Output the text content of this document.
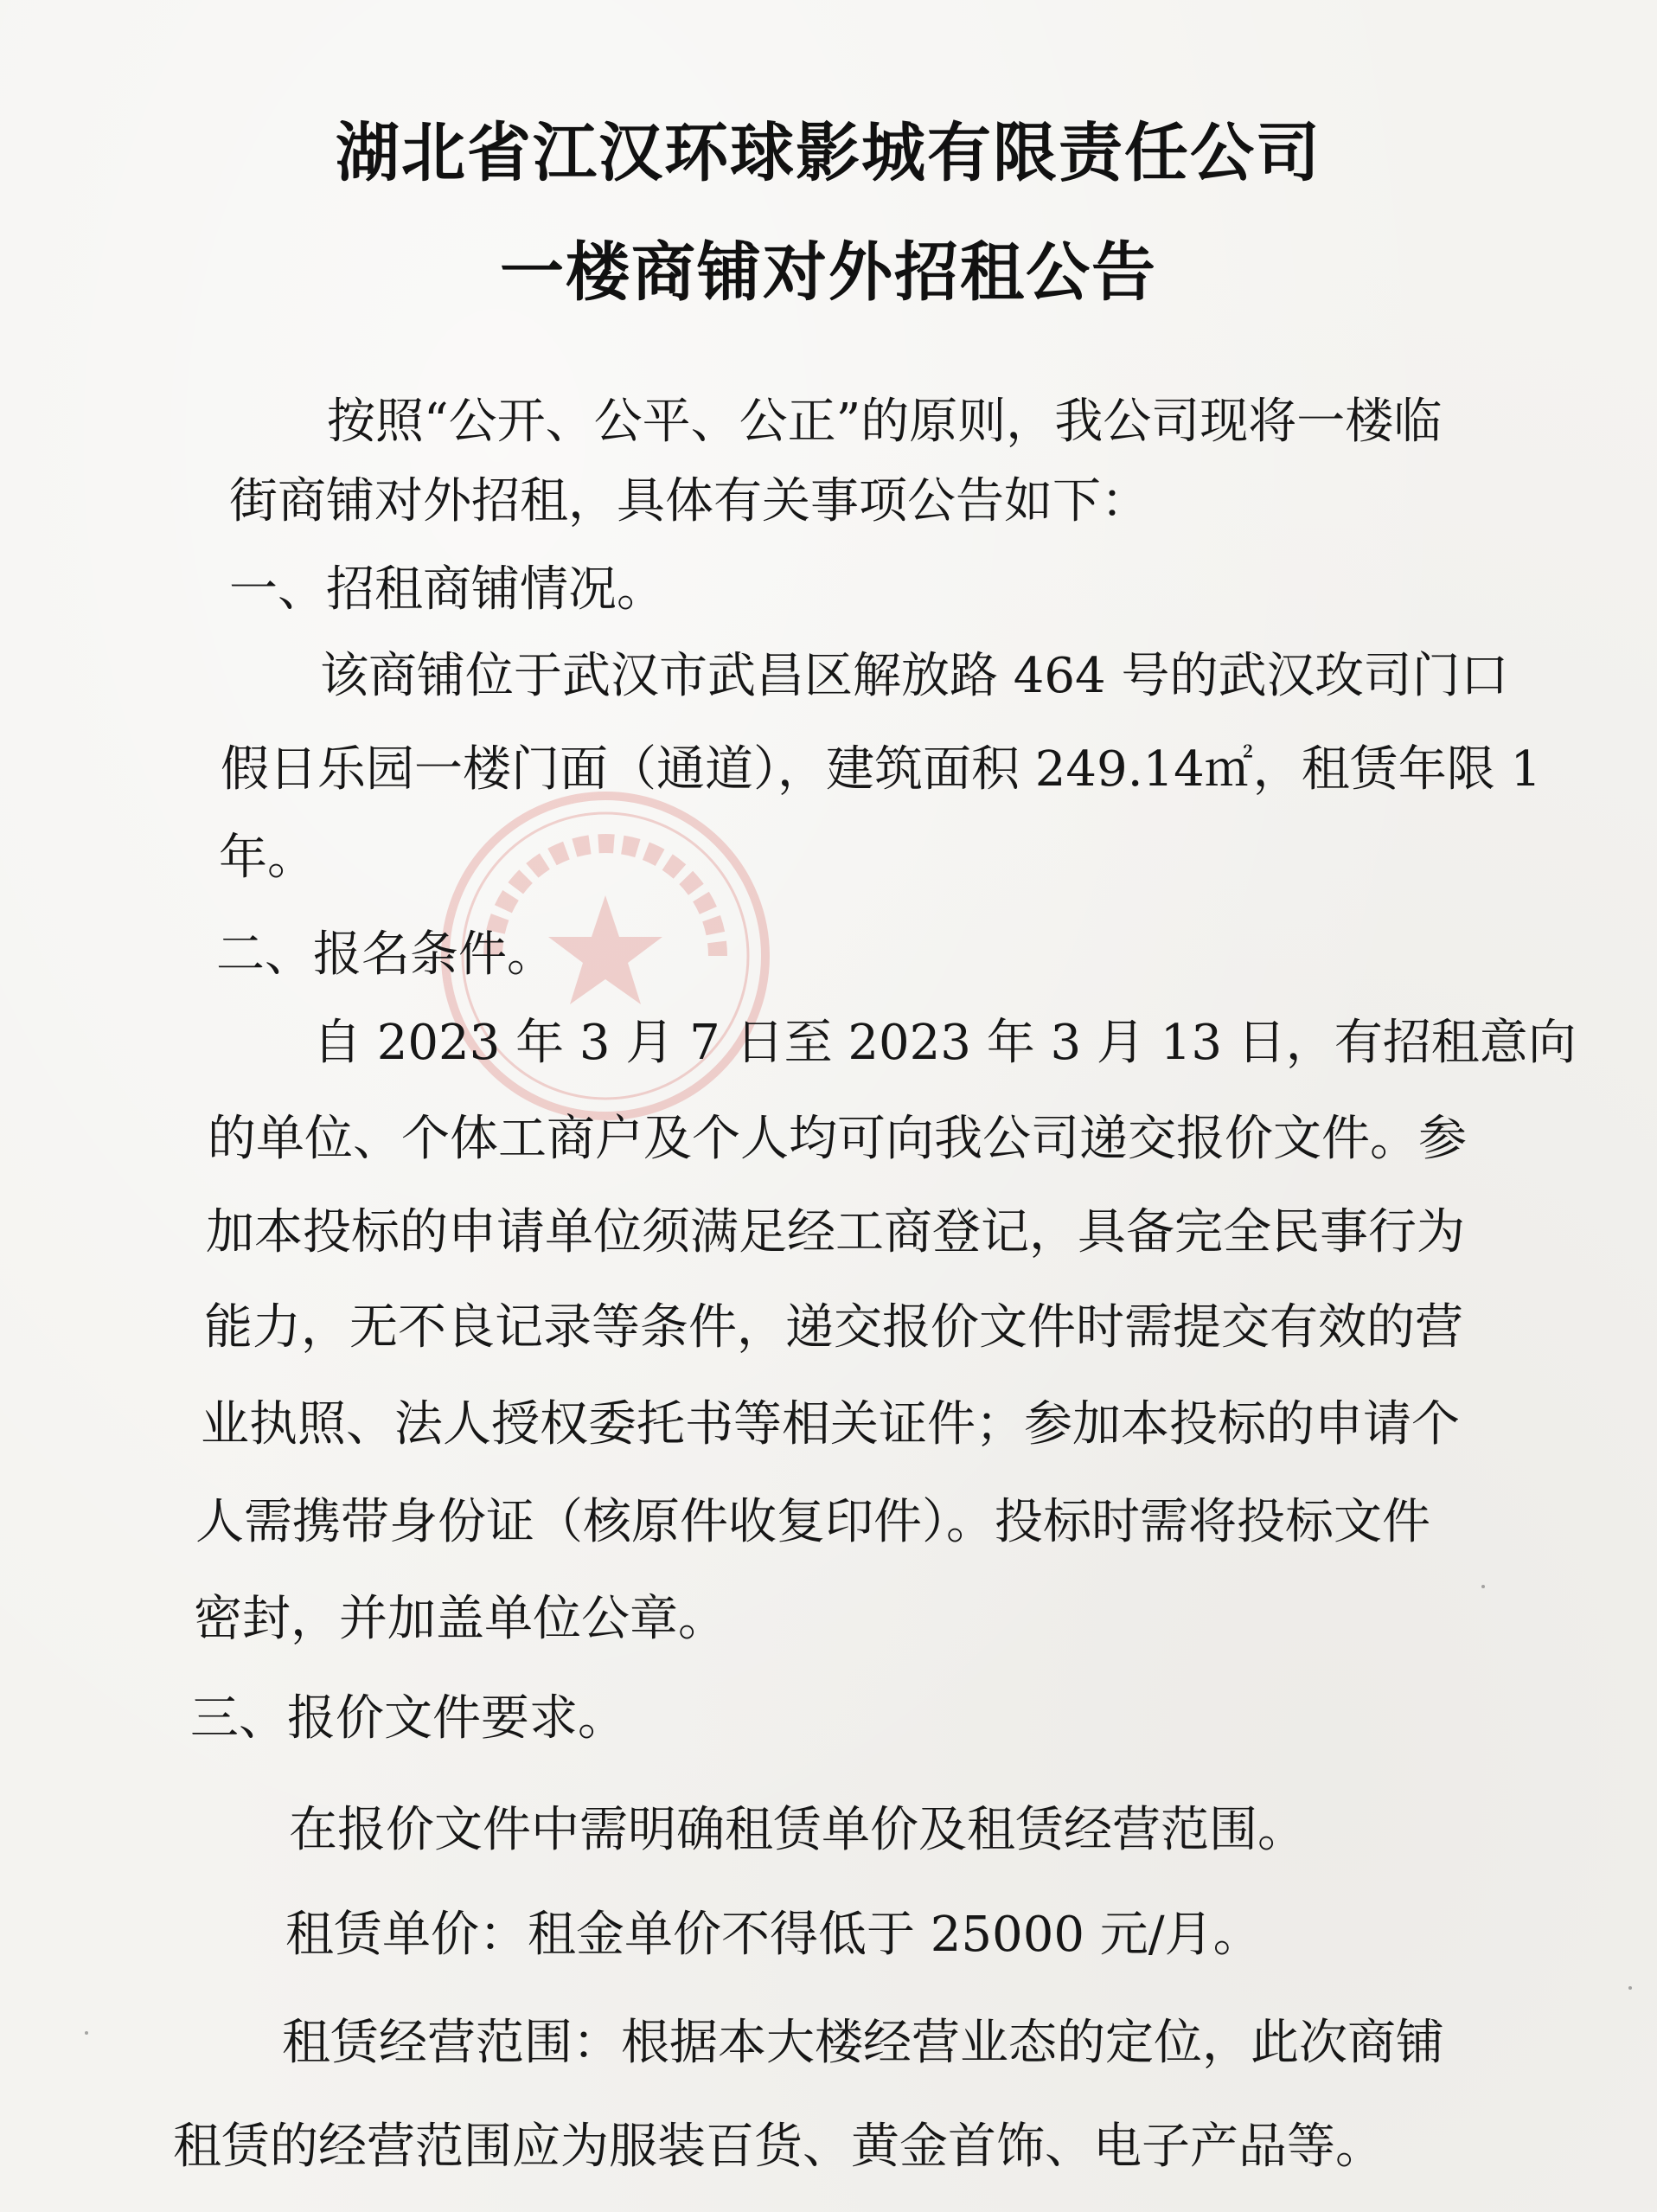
湖北省江汉环球影城有限责任公司
一楼商铺对外招租公告
按照“公开、公平、公正”的原则，我公司现将一楼临
街商铺对外招租，具体有关事项公告如下：
一、招租商铺情况。
该商铺位于武汉市武昌区解放路 464 号的武汉玫司门口
假日乐园一楼门面（通道），建筑面积 249.14㎡，租赁年限 1
年。
二、报名条件。
自 2023 年 3 月 7 日至 2023 年 3 月 13 日，有招租意向
的单位、个体工商户及个人均可向我公司递交报价文件。参
加本投标的申请单位须满足经工商登记，具备完全民事行为
能力，无不良记录等条件，递交报价文件时需提交有效的营
业执照、法人授权委托书等相关证件；参加本投标的申请个
人需携带身份证（核原件收复印件）。投标时需将投标文件
密封，并加盖单位公章。
三、报价文件要求。
在报价文件中需明确租赁单价及租赁经营范围。
租赁单价：租金单价不得低于 25000 元/月。
租赁经营范围：根据本大楼经营业态的定位，此次商铺
租赁的经营范围应为服装百货、黄金首饰、电子产品等。
